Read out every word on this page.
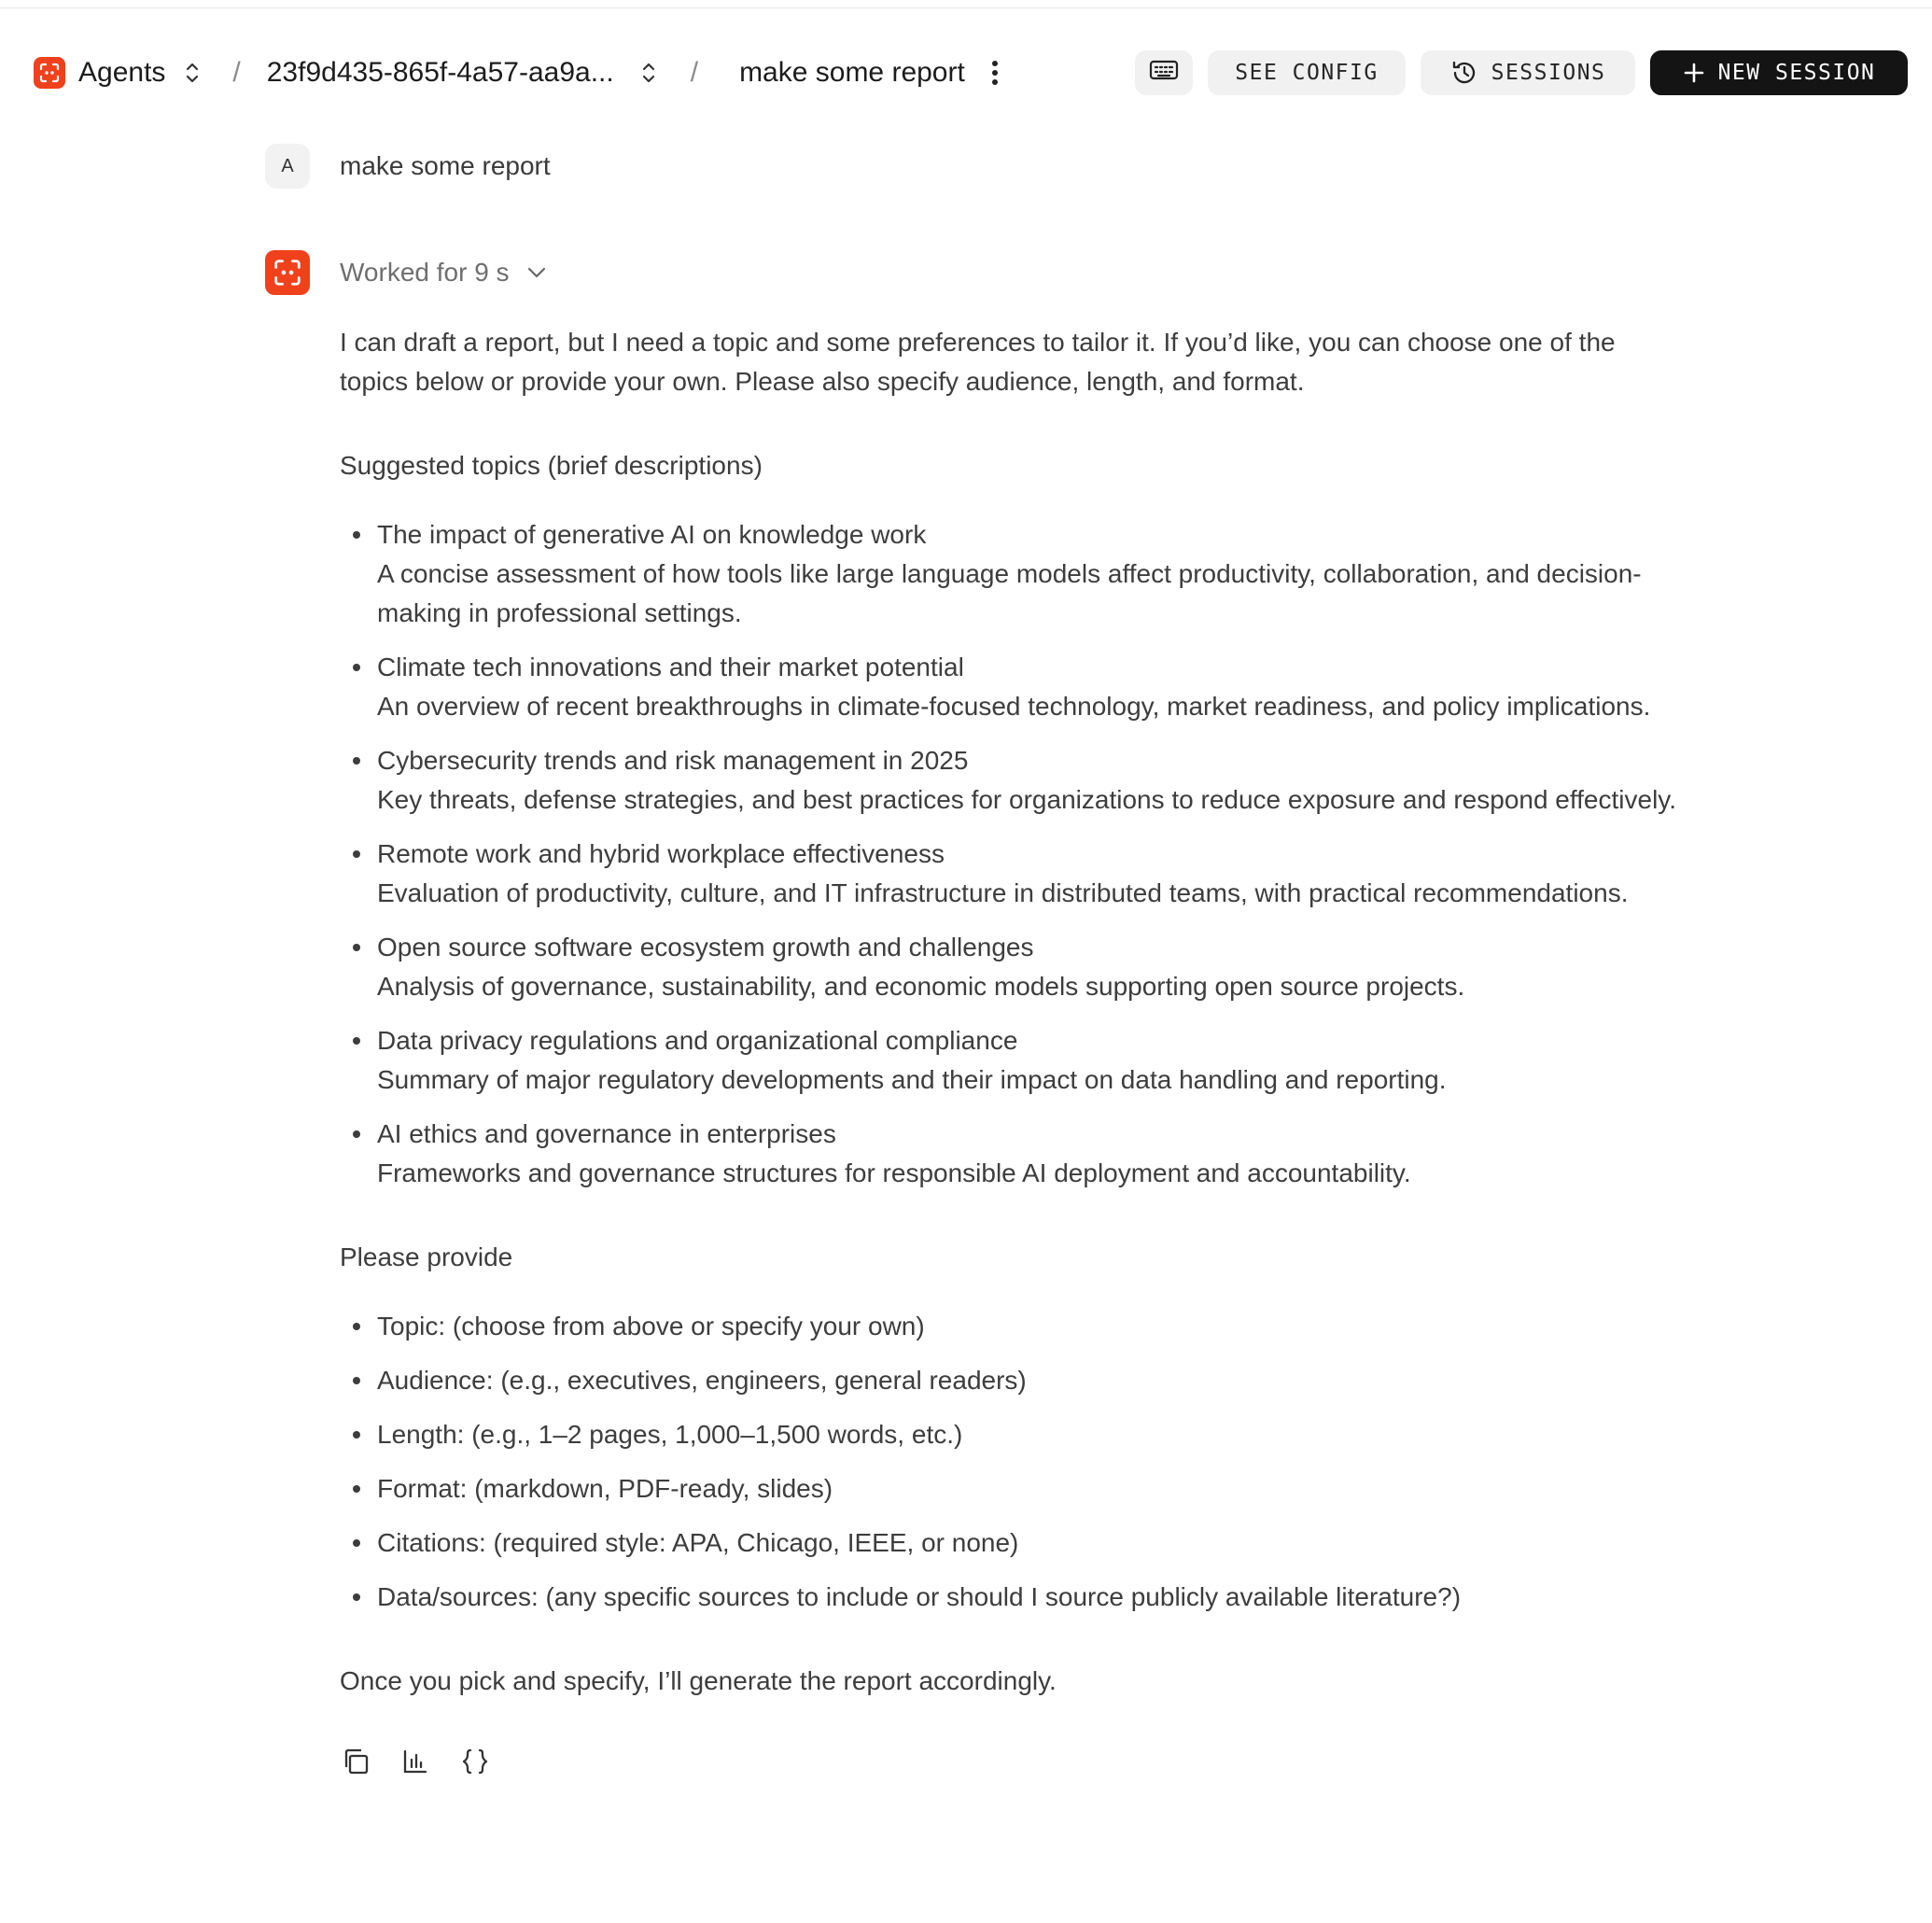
Agents / 23f9d435-865f-4a57-aa9a...	/ make some report	SEE CONFIG	SESSIONS	NEW SESSION
A	make some report
Worked for 9 s

I can draft a report, but I need a topic and some preferences to tailor it. If you’d like, you can choose one of the topics below or provide your own. Please also specify audience, length, and format.

Suggested topics (brief descriptions)

The impact of generative AI on knowledge work
A concise assessment of how tools like large language models affect productivity, collaboration, and decision-making in professional settings.
Climate tech innovations and their market potential
An overview of recent breakthroughs in climate-focused technology, market readiness, and policy implications.
Cybersecurity trends and risk management in 2025
Key threats, defense strategies, and best practices for organizations to reduce exposure and respond effectively.
Remote work and hybrid workplace effectiveness
Evaluation of productivity, culture, and IT infrastructure in distributed teams, with practical recommendations.
Open source software ecosystem growth and challenges
Analysis of governance, sustainability, and economic models supporting open source projects.
Data privacy regulations and organizational compliance
Summary of major regulatory developments and their impact on data handling and reporting.
AI ethics and governance in enterprises
Frameworks and governance structures for responsible AI deployment and accountability.

Please provide

Topic: (choose from above or specify your own)
Audience: (e.g., executives, engineers, general readers)
Length: (e.g., 1–2 pages, 1,000–1,500 words, etc.)
Format: (markdown, PDF-ready, slides)
Citations: (required style: APA, Chicago, IEEE, or none)
Data/sources: (any specific sources to include or should I source publicly available literature?)

Once you pick and specify, I’ll generate the report accordingly.
